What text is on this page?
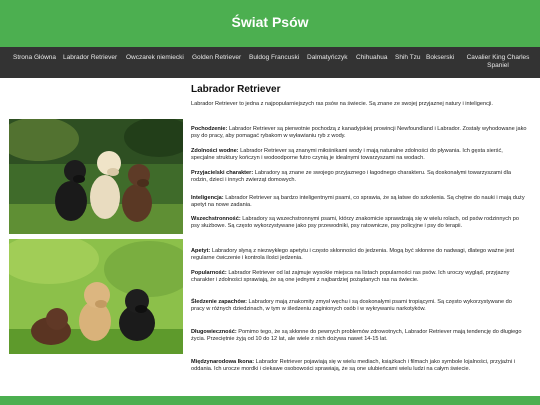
Świat Psów
Strona Główna Labrador Retriever Owczarek niemiecki Golden Retriever Buldog Francuski Dalmatyńczyk Chihuahua Shih Tzu Bokserski	Cavalier King Charles Spaniel
Labrador Retriever

Labrador Retriever to jedna z najpopularniejszych ras psów na świecie. Są znane ze swojej przyjaznej natury i inteligencji.

Pochodzenie: Labrador Retriever są pierwotnie pochodzą z kanadyjskiej prowincji Newfoundland i Labrador. Zostały wyhodowane jako psy do pracy, aby pomagać rybakom w wyławianiu ryb z wody.

Zdolności wodne: Labrador Retriever są znanymi miłośnikami wody i mają naturalne zdolności do pływania. Ich gęsta sierść, specjalne struktury kończyn i wodoodporne futro czynią je idealnymi towarzyszami na wodach.

Przyjacielski charakter: Labradory są znane ze swojego przyjaznego i łagodnego charakteru. Są doskonałymi towarzyszami dla rodzin, dzieci i innych zwierząt domowych.

Inteligencja: Labrador Retriever są bardzo inteligentnymi psami, co sprawia, że są łatwe do szkolenia. Są chętne do nauki i mają duży apetyt na nowe zadania.

Wszechstronność: Labradory są wszechstronnymi psami, którzy znakomicie sprawdzają się w wielu rolach, od psów rodzinnych po psy służbowe. Są często wykorzystywane jako psy przewodniki, psy ratownicze, psy policyjne i psy do terapii.

Apetyt: Labradory słyną z niezwykłego apetytu i często skłonności do jedzenia. Mogą być skłonne do nadwagi, dlatego ważne jest regularne ćwiczenie i kontrola ilości jedzenia.

Popularność: Labrador Retriever od lat zajmuje wysokie miejsca na listach popularności ras psów. Ich uroczy wygląd, przyjazny charakter i zdolności sprawiają, że są one jednymi z najbardziej pożądanych ras na świecie.

Śledzenie zapachów: Labradory mają znakomity zmysł węchu i są doskonałymi psami tropiącymi. Są często wykorzystywane do pracy w różnych dziedzinach, w tym w śledzeniu zaginionych osób i w wykrywaniu narkotyków.

Długowieczność: Pomimo tego, że są skłonne do pewnych problemów zdrowotnych, Labrador Retriever mają tendencję do długiego życia. Przeciętnie żyją od 10 do 12 lat, ale wiele z nich dożywa nawet 14-15 lat.

Międzynarodowa Ikona: Labrador Retriever pojawiają się w wielu mediach, książkach i filmach jako symbole lojalności, przyjaźni i oddania. Ich urocze mordki i ciekawe osobowości sprawiają, że są one ulubieńcami wielu ludzi na całym świecie.
